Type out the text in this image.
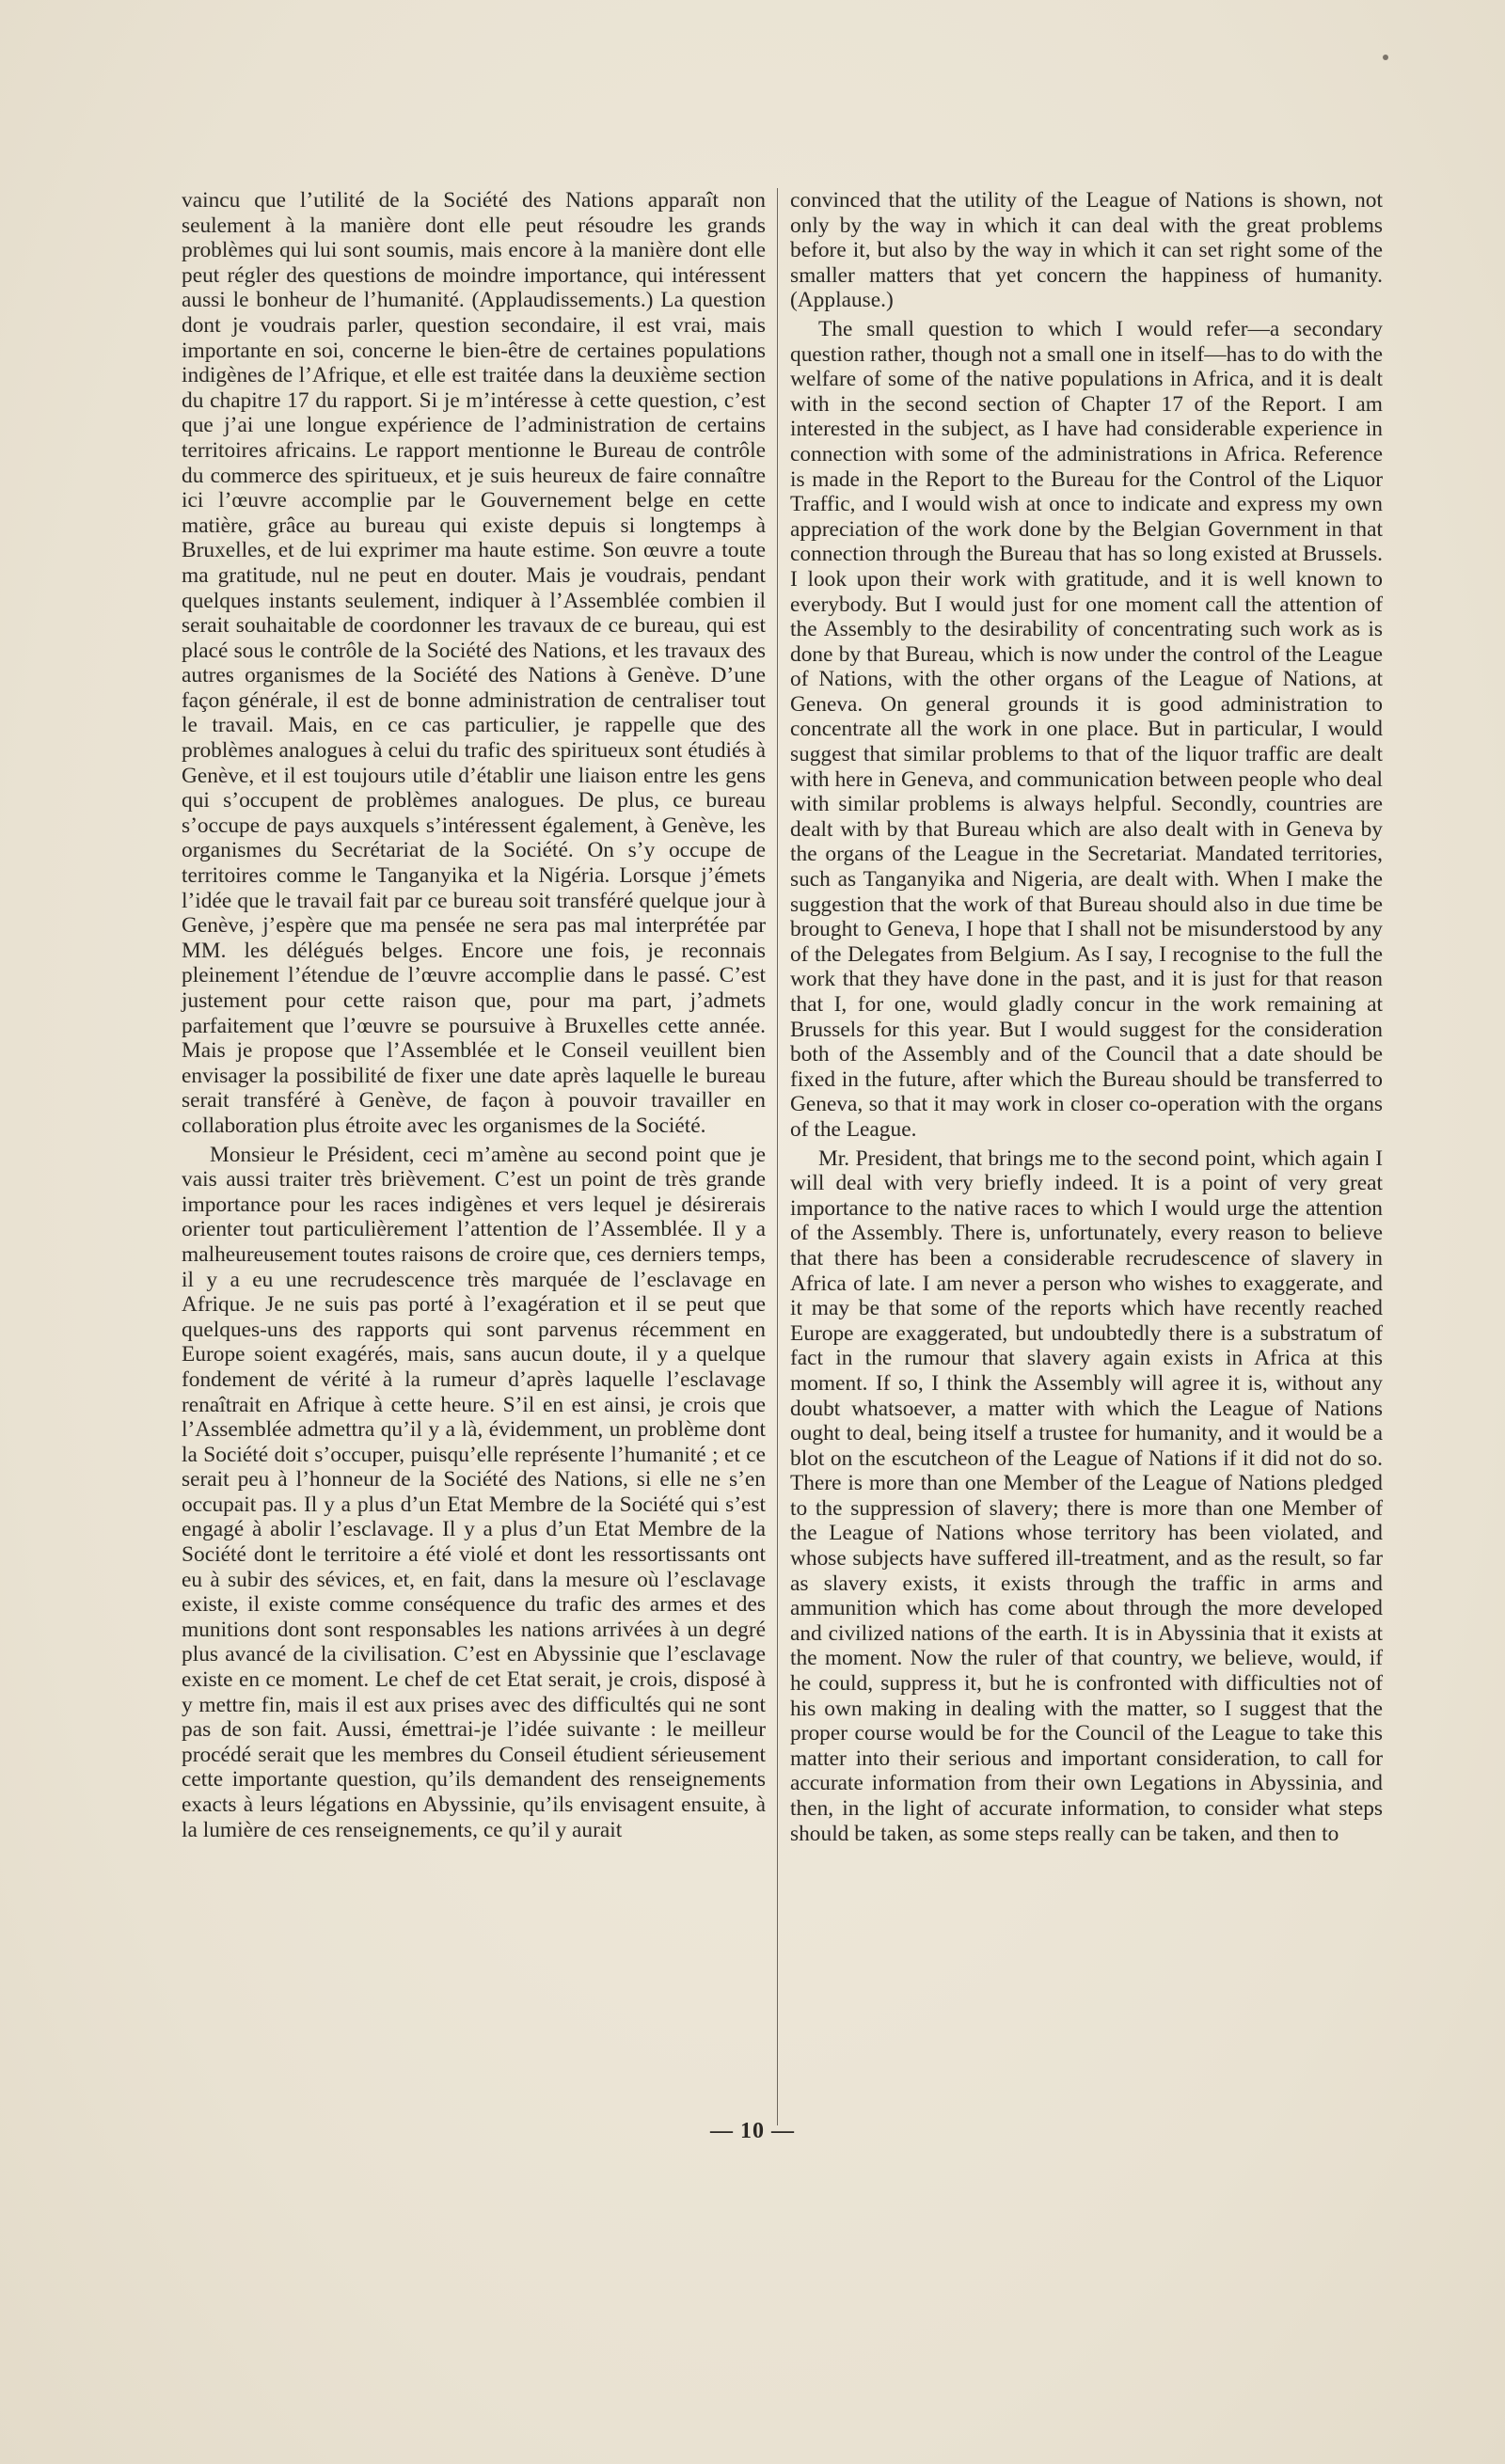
vaincu que l’utilité de la Société des Nations apparaît non seulement à la manière dont elle peut résoudre les grands problèmes qui lui sont soumis, mais encore à la manière dont elle peut régler des questions de moindre importance, qui intéressent aussi le bonheur de l’humanité. (Applaudissements.) La question dont je voudrais parler, question secondaire, il est vrai, mais importante en soi, concerne le bien-être de certaines populations indigènes de l’Afrique, et elle est traitée dans la deuxième section du chapitre 17 du rapport. Si je m’intéresse à cette question, c’est que j’ai une longue expérience de l’administration de certains territoires africains. Le rapport mentionne le Bureau de contrôle du commerce des spiritueux, et je suis heureux de faire connaître ici l’œuvre accomplie par le Gouvernement belge en cette matière, grâce au bureau qui existe depuis si longtemps à Bruxelles, et de lui exprimer ma haute estime. Son œuvre a toute ma gratitude, nul ne peut en douter. Mais je voudrais, pendant quelques instants seulement, indiquer à l’Assemblée combien il serait souhaitable de coordonner les travaux de ce bureau, qui est placé sous le contrôle de la Société des Nations, et les travaux des autres organismes de la Société des Nations à Genève. D’une façon générale, il est de bonne administration de centraliser tout le travail. Mais, en ce cas particulier, je rappelle que des problèmes analogues à celui du trafic des spiritueux sont étudiés à Genève, et il est toujours utile d’établir une liaison entre les gens qui s’occupent de problèmes analogues. De plus, ce bureau s’occupe de pays auxquels s’intéressent également, à Genève, les organismes du Secrétariat de la Société. On s’y occupe de territoires comme le Tanganyika et la Nigéria. Lorsque j’émets l’idée que le travail fait par ce bureau soit transféré quelque jour à Genève, j’espère que ma pensée ne sera pas mal interprétée par MM. les délégués belges. Encore une fois, je reconnais pleinement l’étendue de l’œuvre accomplie dans le passé. C’est justement pour cette raison que, pour ma part, j’admets parfaitement que l’œuvre se poursuive à Bruxelles cette année. Mais je propose que l’Assemblée et le Conseil veuillent bien envisager la possibilité de fixer une date après laquelle le bureau serait transféré à Genève, de façon à pouvoir travailler en collaboration plus étroite avec les organismes de la Société.

Monsieur le Président, ceci m’amène au second point que je vais aussi traiter très brièvement. C’est un point de très grande importance pour les races indigènes et vers lequel je désirerais orienter tout particulièrement l’attention de l’Assemblée. Il y a malheureusement toutes raisons de croire que, ces derniers temps, il y a eu une recrudescence très marquée de l’esclavage en Afrique. Je ne suis pas porté à l’exagération et il se peut que quelques-uns des rapports qui sont parvenus récemment en Europe soient exagérés, mais, sans aucun doute, il y a quelque fondement de vérité à la rumeur d’après laquelle l’esclavage renaîtrait en Afrique à cette heure. S’il en est ainsi, je crois que l’Assemblée admettra qu’il y a là, évidemment, un problème dont la Société doit s’occuper, puisqu’elle représente l’humanité ; et ce serait peu à l’honneur de la Société des Nations, si elle ne s’en occupait pas. Il y a plus d’un Etat Membre de la Société qui s’est engagé à abolir l’esclavage. Il y a plus d’un Etat Membre de la Société dont le territoire a été violé et dont les ressortissants ont eu à subir des sévices, et, en fait, dans la mesure où l’esclavage existe, il existe comme conséquence du trafic des armes et des munitions dont sont responsables les nations arrivées à un degré plus avancé de la civilisation. C’est en Abyssinie que l’esclavage existe en ce moment. Le chef de cet Etat serait, je crois, disposé à y mettre fin, mais il est aux prises avec des difficultés qui ne sont pas de son fait. Aussi, émettrai-je l’idée suivante : le meilleur procédé serait que les membres du Conseil étudient sérieusement cette importante question, qu’ils demandent des renseignements exacts à leurs légations en Abyssinie, qu’ils envisagent ensuite, à la lumière de ces renseignements, ce qu’il y aurait

convinced that the utility of the League of Nations is shown, not only by the way in which it can deal with the great problems before it, but also by the way in which it can set right some of the smaller matters that yet concern the happiness of humanity. (Applause.)

The small question to which I would refer—a secondary question rather, though not a small one in itself—has to do with the welfare of some of the native populations in Africa, and it is dealt with in the second section of Chapter 17 of the Report. I am interested in the subject, as I have had considerable experience in connection with some of the administrations in Africa. Reference is made in the Report to the Bureau for the Control of the Liquor Traffic, and I would wish at once to indicate and express my own appreciation of the work done by the Belgian Government in that connection through the Bureau that has so long existed at Brussels. I look upon their work with gratitude, and it is well known to everybody. But I would just for one moment call the attention of the Assembly to the desirability of concentrating such work as is done by that Bureau, which is now under the control of the League of Nations, with the other organs of the League of Nations, at Geneva. On general grounds it is good administration to concentrate all the work in one place. But in particular, I would suggest that similar problems to that of the liquor traffic are dealt with here in Geneva, and communication between people who deal with similar problems is always helpful. Secondly, countries are dealt with by that Bureau which are also dealt with in Geneva by the organs of the League in the Secretariat. Mandated territories, such as Tanganyika and Nigeria, are dealt with. When I make the suggestion that the work of that Bureau should also in due time be brought to Geneva, I hope that I shall not be misunderstood by any of the Delegates from Belgium. As I say, I recognise to the full the work that they have done in the past, and it is just for that reason that I, for one, would gladly concur in the work remaining at Brussels for this year. But I would suggest for the consideration both of the Assembly and of the Council that a date should be fixed in the future, after which the Bureau should be transferred to Geneva, so that it may work in closer co-operation with the organs of the League.

Mr. President, that brings me to the second point, which again I will deal with very briefly indeed. It is a point of very great importance to the native races to which I would urge the attention of the Assembly. There is, unfortunately, every reason to believe that there has been a considerable recrudescence of slavery in Africa of late. I am never a person who wishes to exaggerate, and it may be that some of the reports which have recently reached Europe are exaggerated, but undoubtedly there is a substratum of fact in the rumour that slavery again exists in Africa at this moment. If so, I think the Assembly will agree it is, without any doubt whatsoever, a matter with which the League of Nations ought to deal, being itself a trustee for humanity, and it would be a blot on the escutcheon of the League of Nations if it did not do so. There is more than one Member of the League of Nations pledged to the suppression of slavery; there is more than one Member of the League of Nations whose territory has been violated, and whose subjects have suffered ill-treatment, and as the result, so far as slavery exists, it exists through the traffic in arms and ammunition which has come about through the more developed and civilized nations of the earth. It is in Abyssinia that it exists at the moment. Now the ruler of that country, we believe, would, if he could, suppress it, but he is confronted with difficulties not of his own making in dealing with the matter, so I suggest that the proper course would be for the Council of the League to take this matter into their serious and important consideration, to call for accurate information from their own Legations in Abyssinia, and then, in the light of accurate information, to consider what steps should be taken, as some steps really can be taken, and then to

— 10 —
